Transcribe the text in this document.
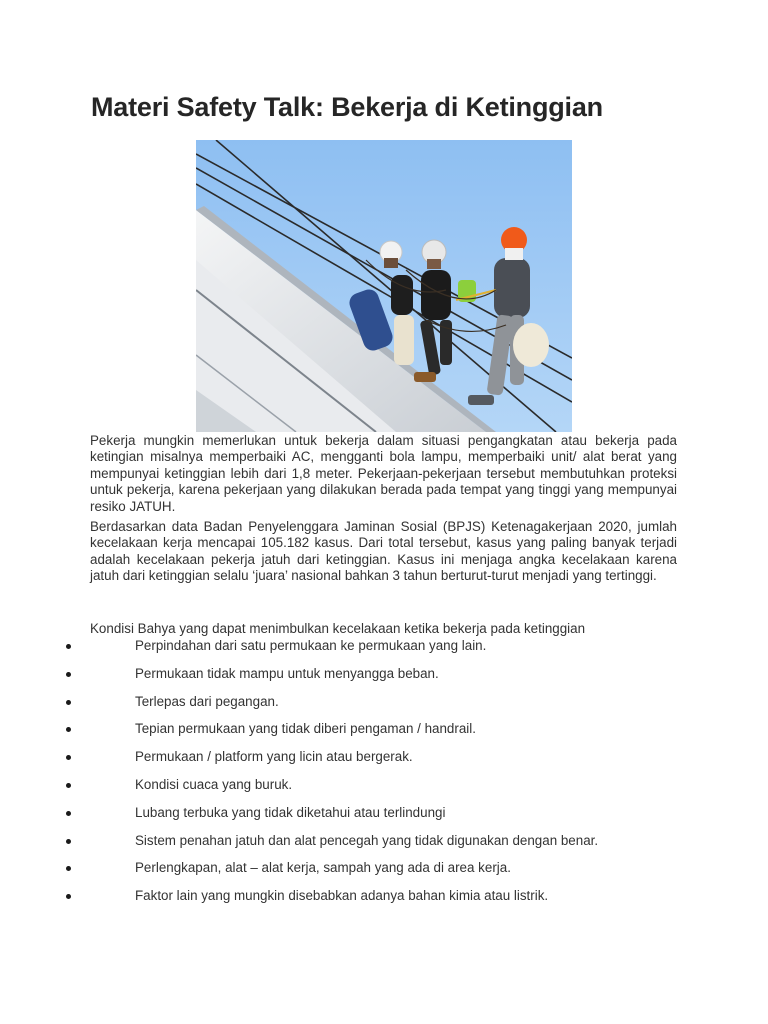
Materi Safety Talk: Bekerja di Ketinggian

Pekerja mungkin memerlukan untuk bekerja dalam situasi pengangkatan atau bekerja pada ketingian misalnya memperbaiki AC, mengganti bola lampu, memperbaiki unit/ alat berat yang mempunyai ketinggian lebih dari 1,8 meter. Pekerjaan-pekerjaan tersebut membutuhkan proteksi untuk pekerja, karena pekerjaan yang dilakukan berada pada tempat yang tinggi yang mempunyai resiko JATUH.

Berdasarkan data Badan Penyelenggara Jaminan Sosial (BPJS) Ketenagakerjaan 2020, jumlah kecelakaan kerja mencapai 105.182 kasus. Dari total tersebut, kasus yang paling banyak terjadi adalah kecelakaan pekerja jatuh dari ketinggian. Kasus ini menjaga angka kecelakaan karena jatuh dari ketinggian selalu ‘juara’ nasional bahkan 3 tahun berturut-turut menjadi yang tertinggi.

Kondisi Bahya yang dapat menimbulkan kecelakaan ketika bekerja pada ketinggian

Perpindahan dari satu permukaan ke permukaan yang lain.
Permukaan tidak mampu untuk menyangga beban.
Terlepas dari pegangan.
Tepian permukaan yang tidak diberi pengaman / handrail.
Permukaan / platform yang licin atau bergerak.
Kondisi cuaca yang buruk.
Lubang terbuka yang tidak diketahui atau terlindungi
Sistem penahan jatuh dan alat pencegah yang tidak digunakan dengan benar.
Perlengkapan, alat – alat kerja, sampah yang ada di area kerja.
Faktor lain yang mungkin disebabkan adanya bahan kimia atau listrik.
